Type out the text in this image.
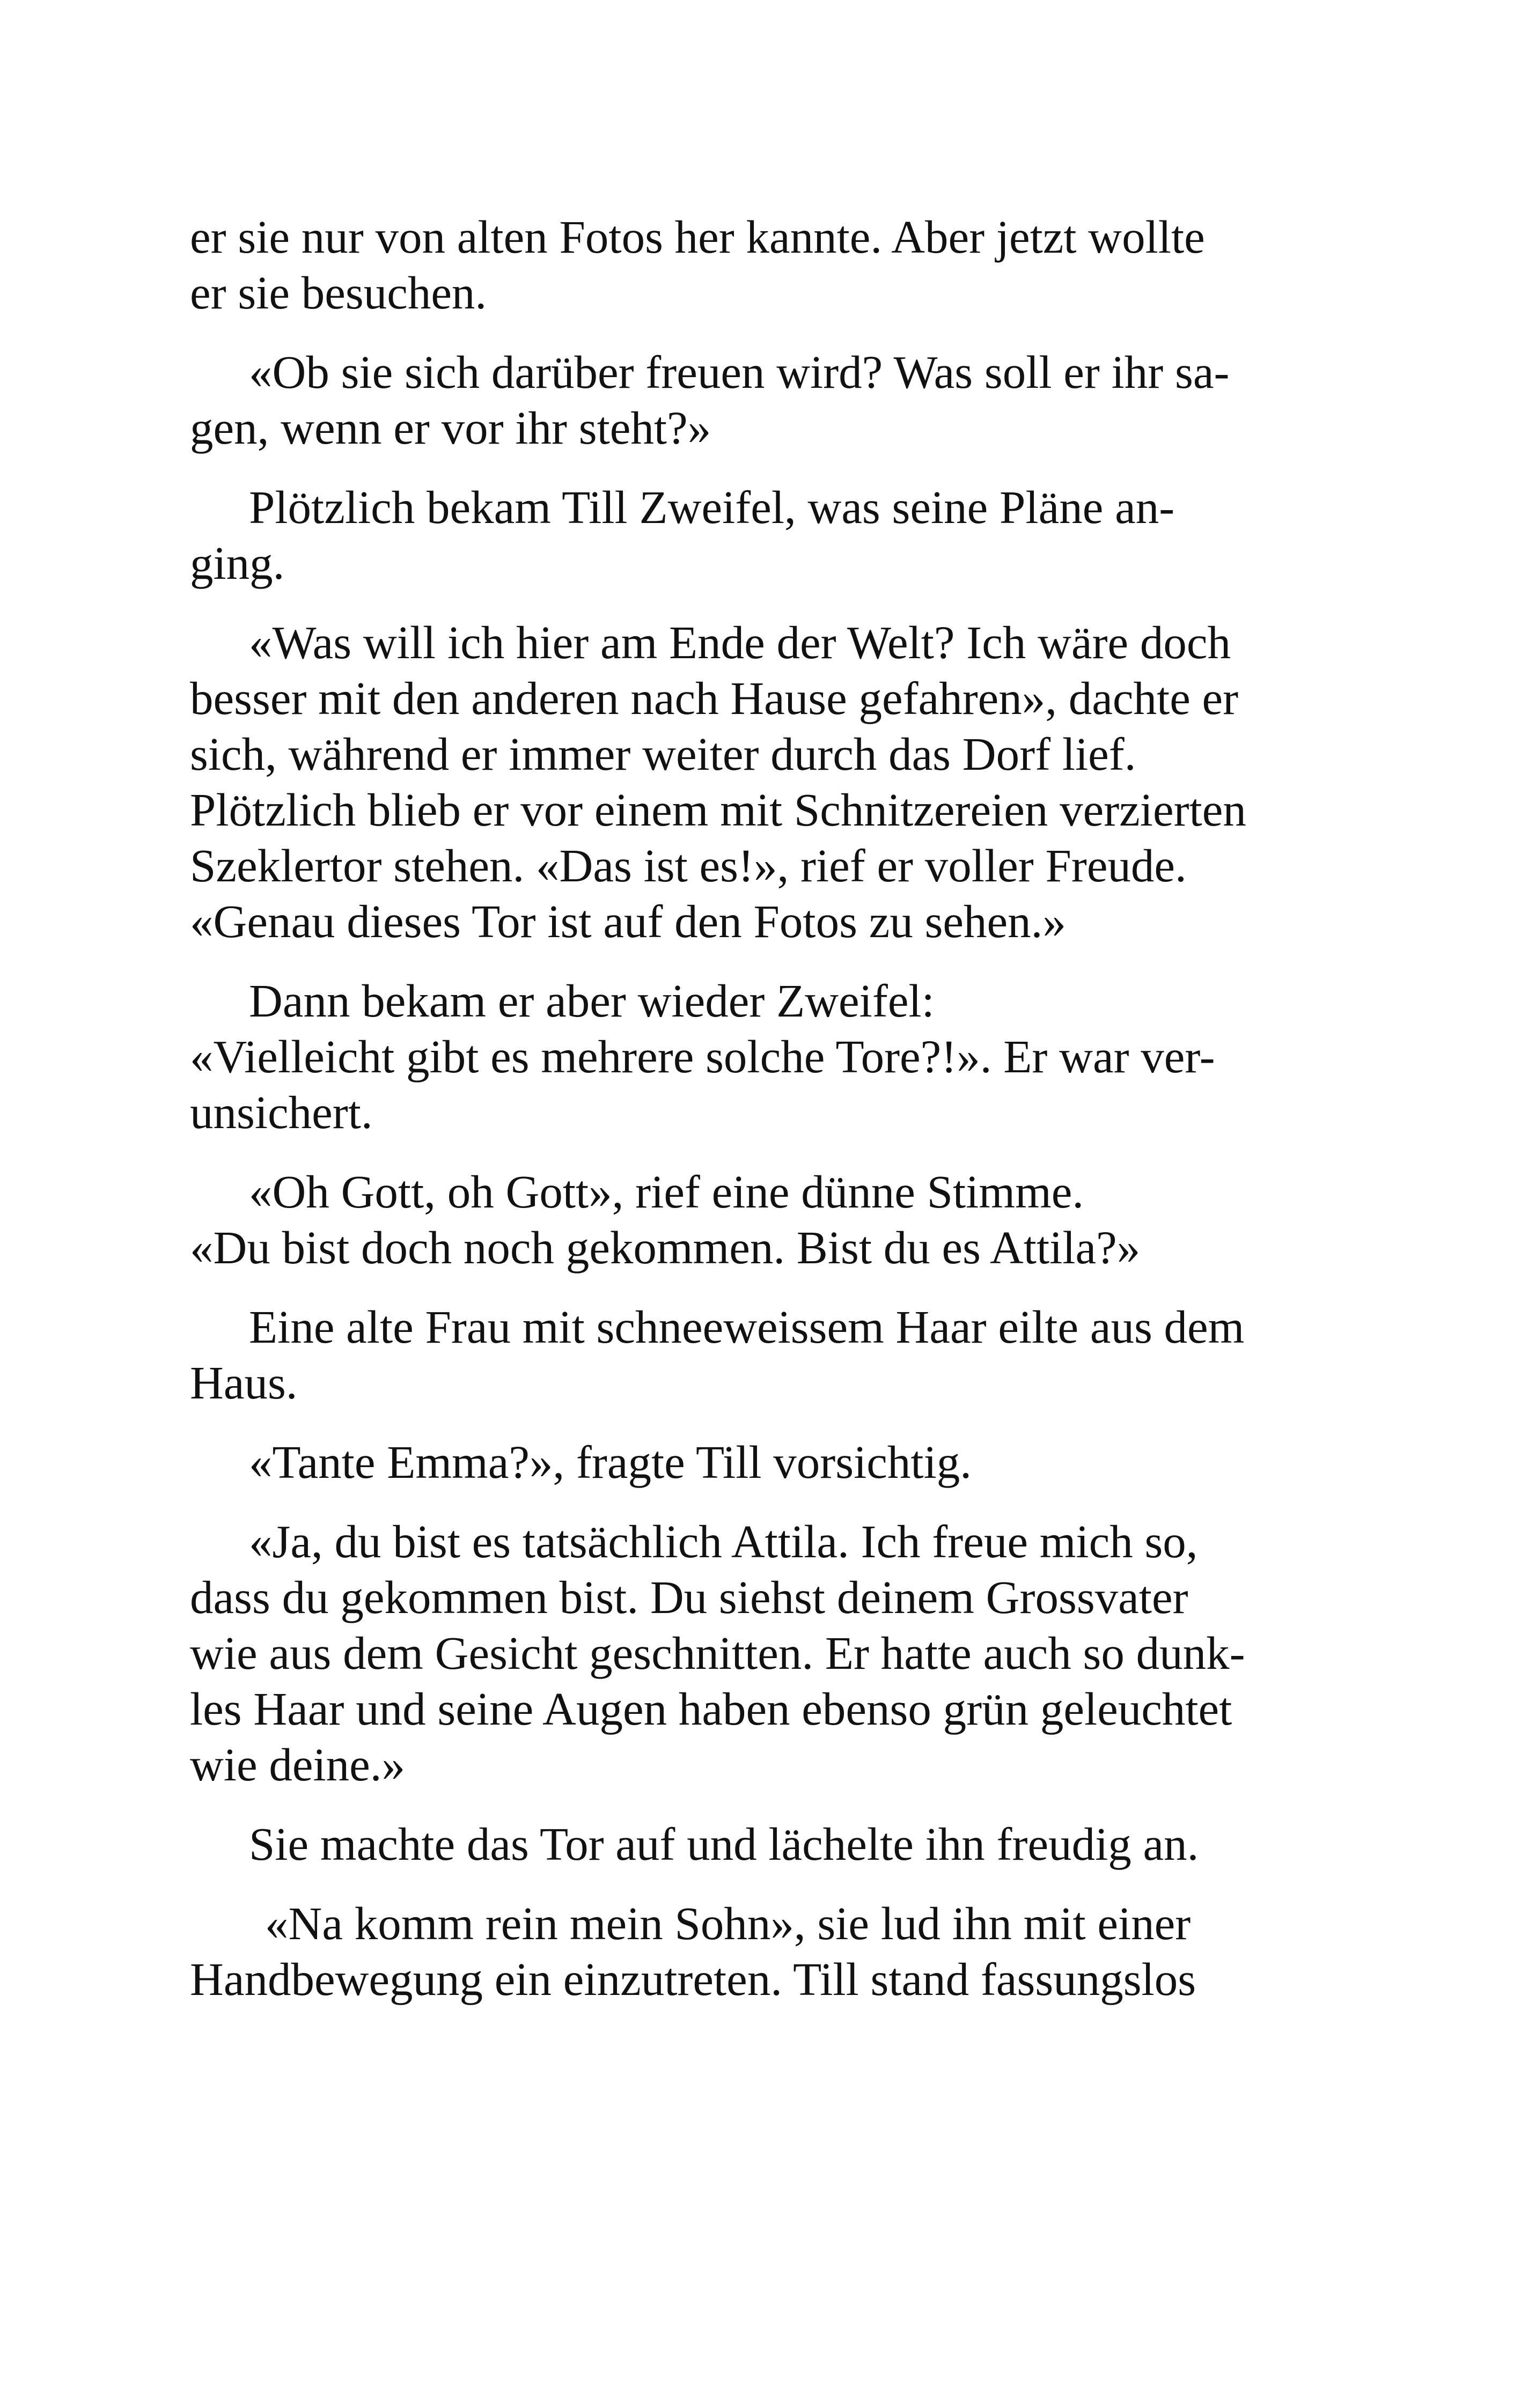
er sie nur von alten Fotos her kannte. Aber jetzt wollte
er sie besuchen.

«Ob sie sich darüber freuen wird? Was soll er ihr sa-
gen, wenn er vor ihr steht?»

Plötzlich bekam Till Zweifel, was seine Pläne an-
ging.

«Was will ich hier am Ende der Welt? Ich wäre doch
besser mit den anderen nach Hause gefahren», dachte er
sich, während er immer weiter durch das Dorf lief.
Plötzlich blieb er vor einem mit Schnitzereien verzierten
Szeklertor stehen. «Das ist es!», rief er voller Freude.
«Genau dieses Tor ist auf den Fotos zu sehen.»

Dann bekam er aber wieder Zweifel:
«Vielleicht gibt es mehrere solche Tore?!». Er war ver-
unsichert.

«Oh Gott, oh Gott», rief eine dünne Stimme.
«Du bist doch noch gekommen. Bist du es Attila?»

Eine alte Frau mit schneeweissem Haar eilte aus dem
Haus.

«Tante Emma?», fragte Till vorsichtig.

«Ja, du bist es tatsächlich Attila. Ich freue mich so,
dass du gekommen bist. Du siehst deinem Grossvater
wie aus dem Gesicht geschnitten. Er hatte auch so dunk-
les Haar und seine Augen haben ebenso grün geleuchtet
wie deine.»

Sie machte das Tor auf und lächelte ihn freudig an.

«Na komm rein mein Sohn», sie lud ihn mit einer
Handbewegung ein einzutreten. Till stand fassungslos
